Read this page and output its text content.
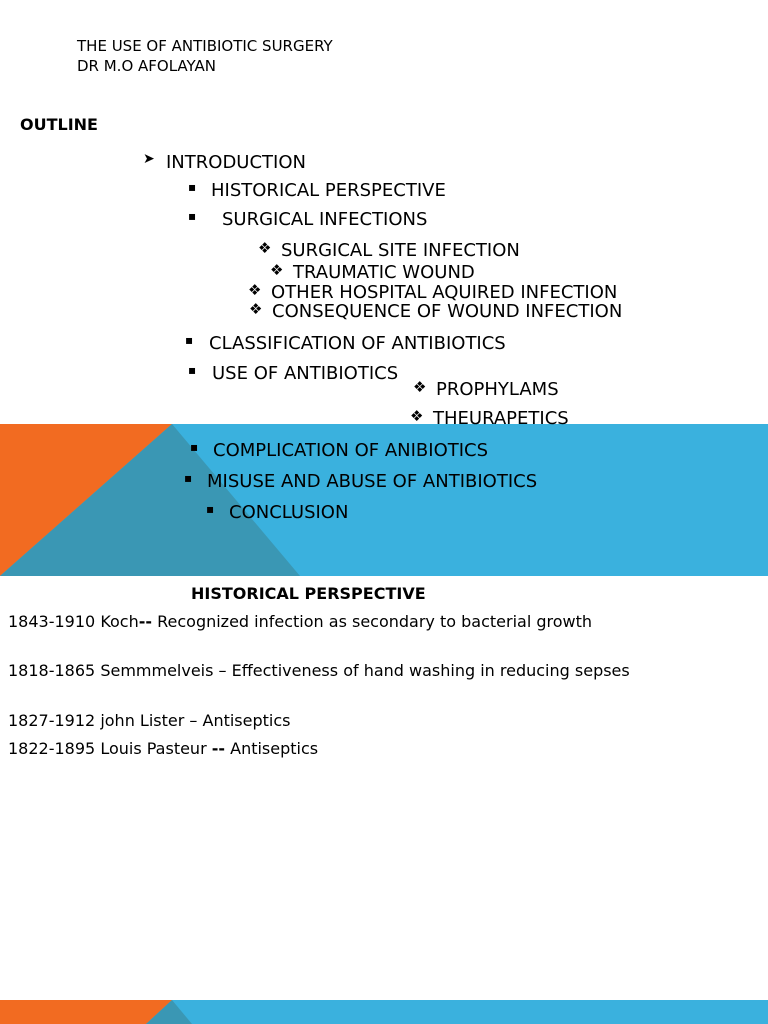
THE USE OF ANTIBIOTIC SURGERY
DR M.O AFOLAYAN
OUTLINE
➤ INTRODUCTION
▪ HISTORICAL PERSPECTIVE
▪ SURGICAL INFECTIONS
❖ SURGICAL SITE INFECTION
❖ TRAUMATIC WOUND
❖ OTHER HOSPITAL AQUIRED INFECTION
❖ CONSEQUENCE OF WOUND INFECTION
▪ CLASSIFICATION OF ANTIBIOTICS
▪ USE OF ANTIBIOTICS
❖ PROPHYLAMS
❖ THEURAPETICS
▪ COMPLICATION OF ANIBIOTICS
▪ MISUSE AND ABUSE OF ANTIBIOTICS
▪ CONCLUSION
HISTORICAL PERSPECTIVE
1843-1910 Koch-- Recognized infection as secondary to bacterial growth
1818-1865 Semmmelveis – Effectiveness of hand washing in reducing sepses
1827-1912 john Lister – Antiseptics
1822-1895 Louis Pasteur -- Antiseptics
